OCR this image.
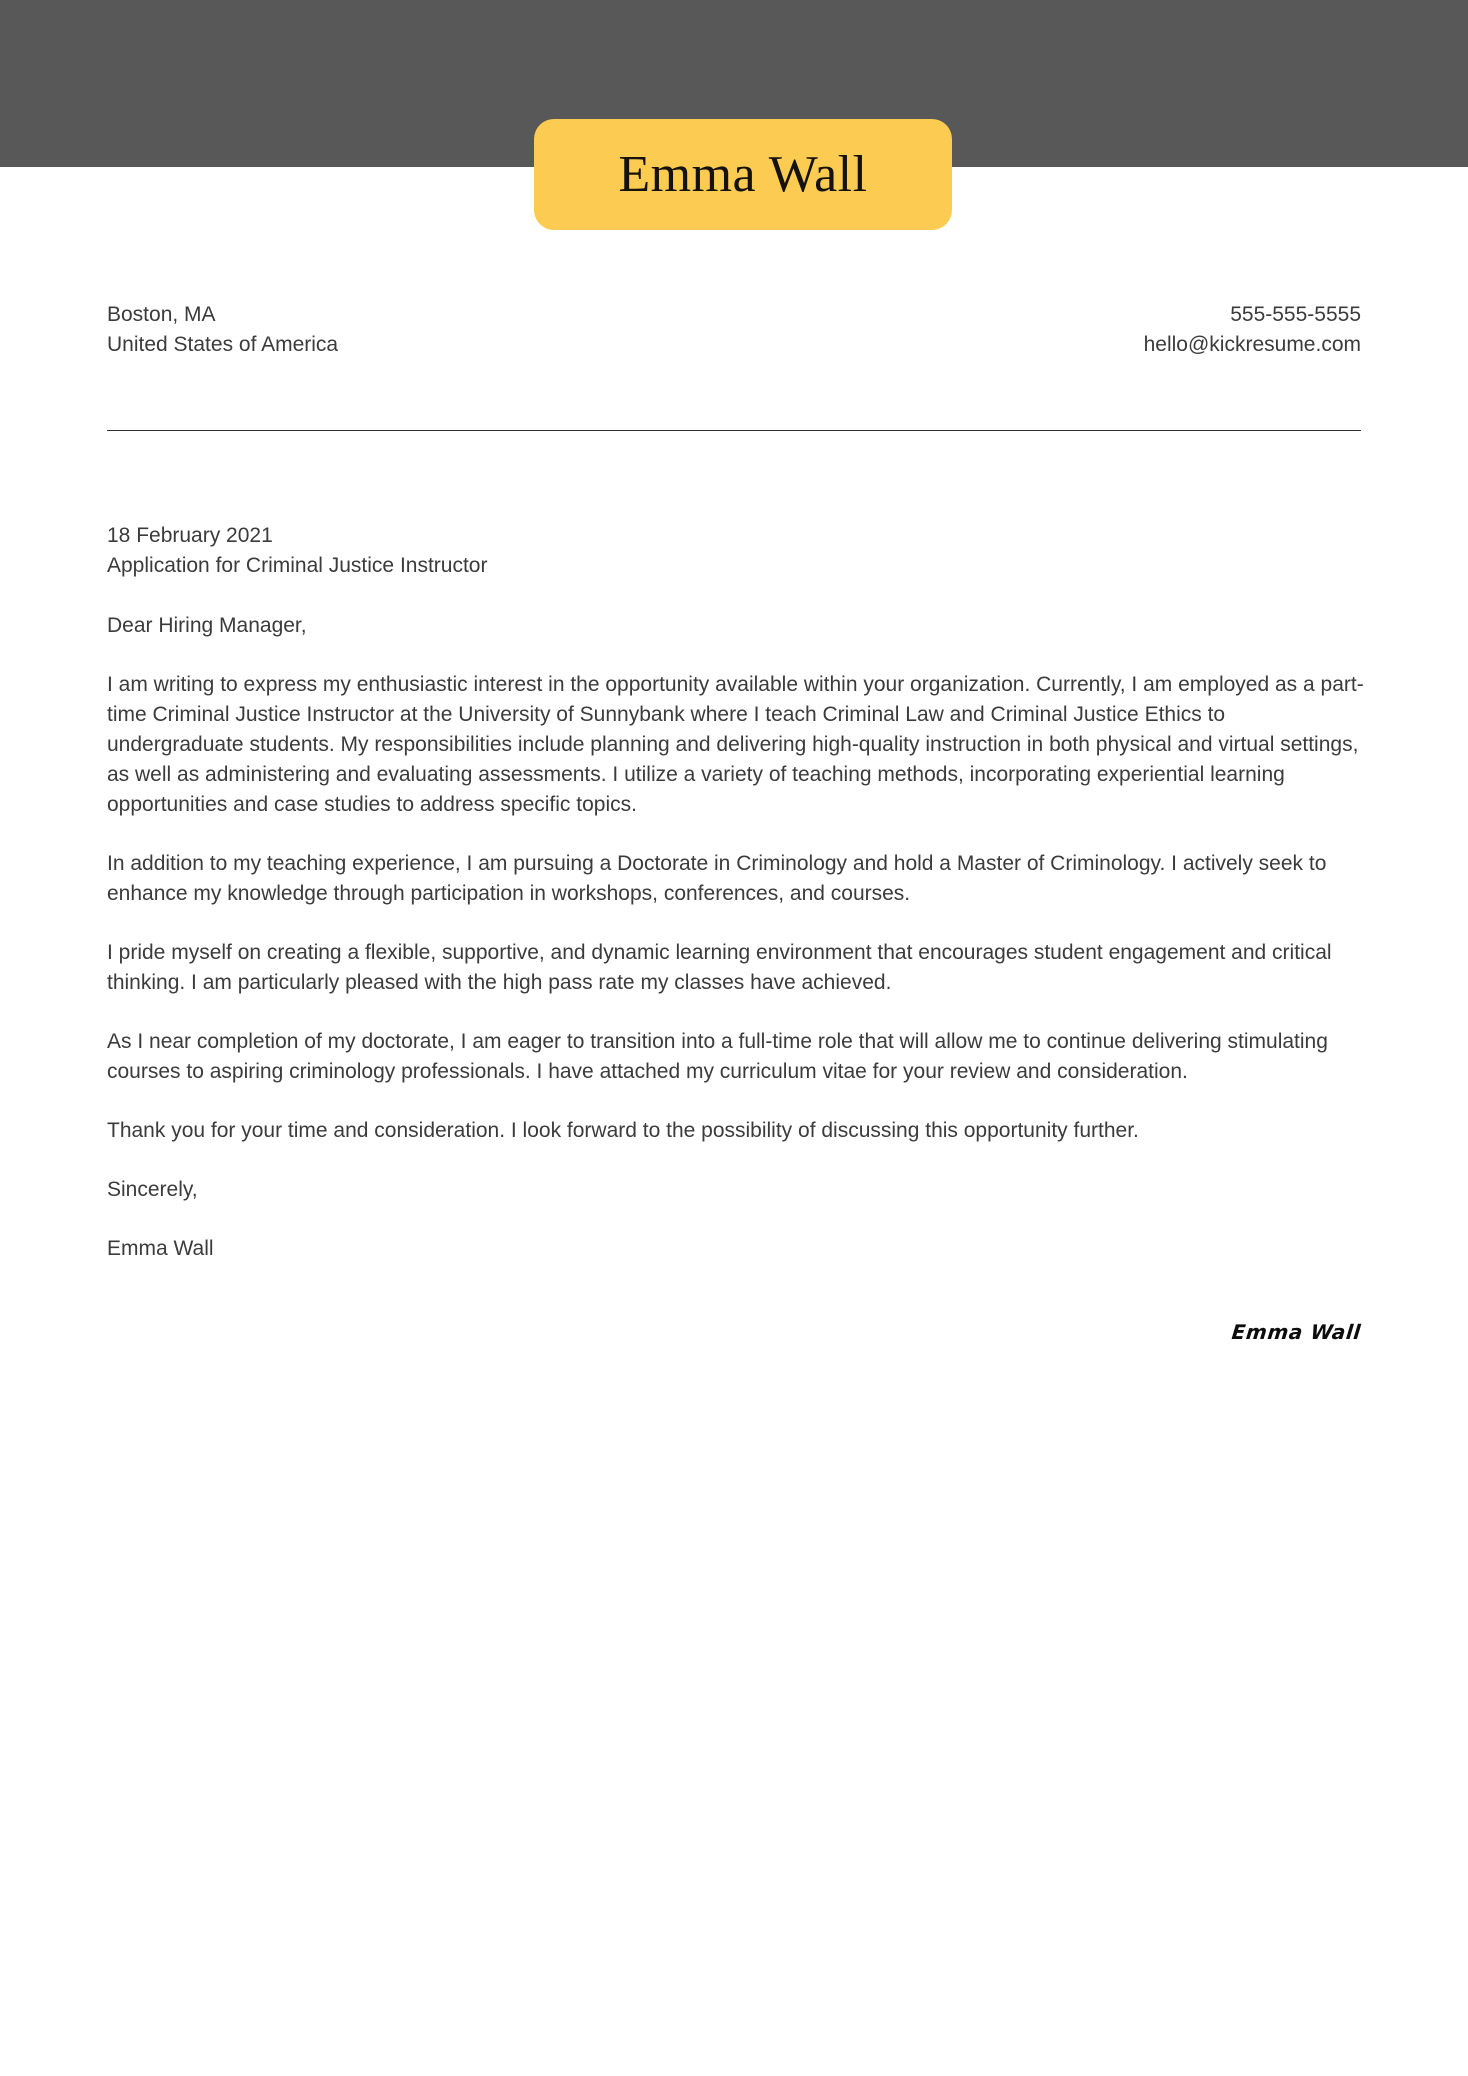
Emma Wall
Boston, MA
United States of America
555-555-5555
hello@kickresume.com
18 February 2021
Application for Criminal Justice Instructor

Dear Hiring Manager,

I am writing to express my enthusiastic interest in the opportunity available within your organization. Currently, I am employed as a part-time Criminal Justice Instructor at the University of Sunnybank where I teach Criminal Law and Criminal Justice Ethics to undergraduate students. My responsibilities include planning and delivering high-quality instruction in both physical and virtual settings, as well as administering and evaluating assessments. I utilize a variety of teaching methods, incorporating experiential learning opportunities and case studies to address specific topics.

In addition to my teaching experience, I am pursuing a Doctorate in Criminology and hold a Master of Criminology. I actively seek to enhance my knowledge through participation in workshops, conferences, and courses.

I pride myself on creating a flexible, supportive, and dynamic learning environment that encourages student engagement and critical thinking. I am particularly pleased with the high pass rate my classes have achieved.

As I near completion of my doctorate, I am eager to transition into a full-time role that will allow me to continue delivering stimulating courses to aspiring criminology professionals. I have attached my curriculum vitae for your review and consideration.

Thank you for your time and consideration. I look forward to the possibility of discussing this opportunity further.

Sincerely,

Emma Wall

Emma Wall
